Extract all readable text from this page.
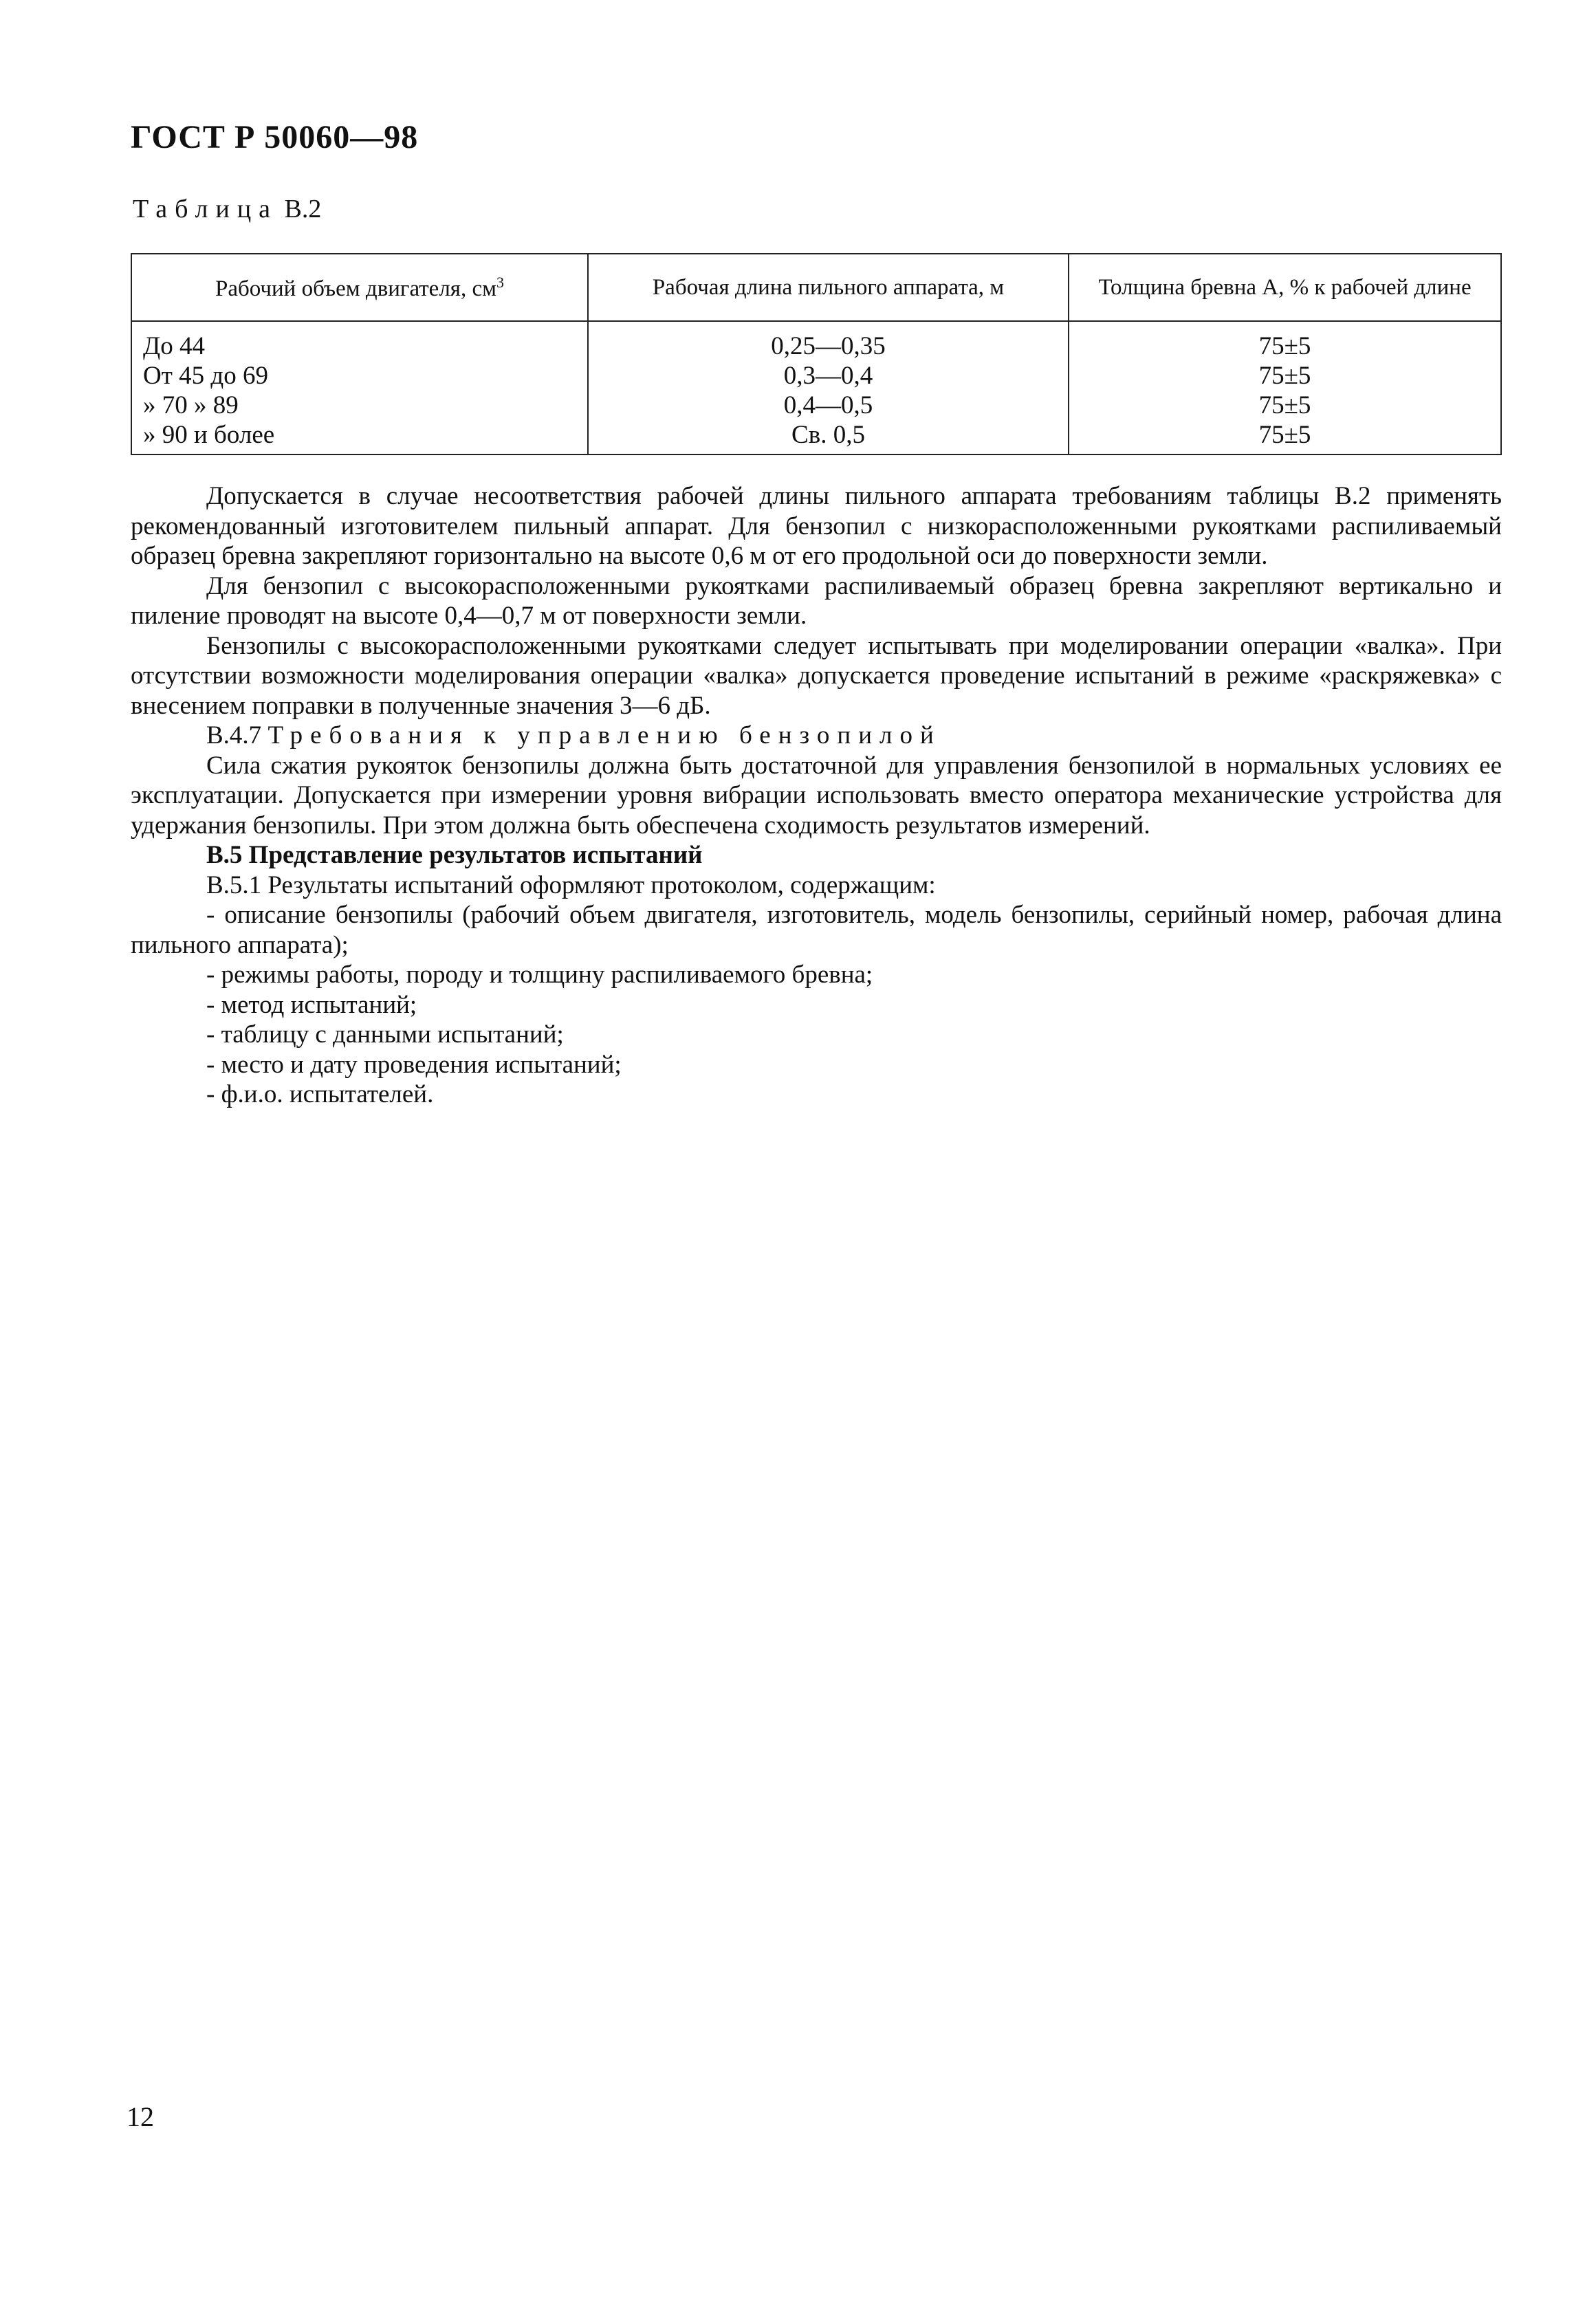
ГОСТ Р 50060—98
Таблица В.2
Рабочий объем двигателя, $см^3$	Рабочая длина пильного аппарата, м	Толщина бревна А, % к рабочей длине
До 44	0,25—0,35	75±5
От 45 до 69	0,3—0,4	75±5
» 70 » 89	0,4—0,5	75±5
» 90 и более	Св. 0,5	75±5

Допускается в случае несоответствия рабочей длины пильного аппарата требованиям таблицы В.2 применять рекомендованный изготовителем пильный аппарат. Для бензопил с низкорасположенными рукоятками распиливаемый образец бревна закрепляют горизонтально на высоте 0,6 м от его продольной оси до поверхности земли.

Для бензопил с высокорасположенными рукоятками распиливаемый образец бревна закрепляют вертикально и пиление проводят на высоте 0,4—0,7 м от поверхности земли.

Бензопилы с высокорасположенными рукоятками следует испытывать при моделировании операции «валка». При отсутствии возможности моделирования операции «валка» допускается проведение испытаний в режиме «раскряжевка» с внесением поправки в полученные значения 3—6 дБ.

В.4.7 Требования к управлению бензопилой

Сила сжатия рукояток бензопилы должна быть достаточной для управления бензопилой в нормальных условиях ее эксплуатации. Допускается при измерении уровня вибрации использовать вместо оператора механические устройства для удержания бензопилы. При этом должна быть обеспечена сходимость результатов измерений.

В.5 Представление результатов испытаний

В.5.1 Результаты испытаний оформляют протоколом, содержащим:

- описание бензопилы (рабочий объем двигателя, изготовитель, модель бензопилы, серийный номер, рабочая длина пильного аппарата);

- режимы работы, породу и толщину распиливаемого бревна;

- метод испытаний;

- таблицу с данными испытаний;

- место и дату проведения испытаний;

- ф.и.о. испытателей.

12
